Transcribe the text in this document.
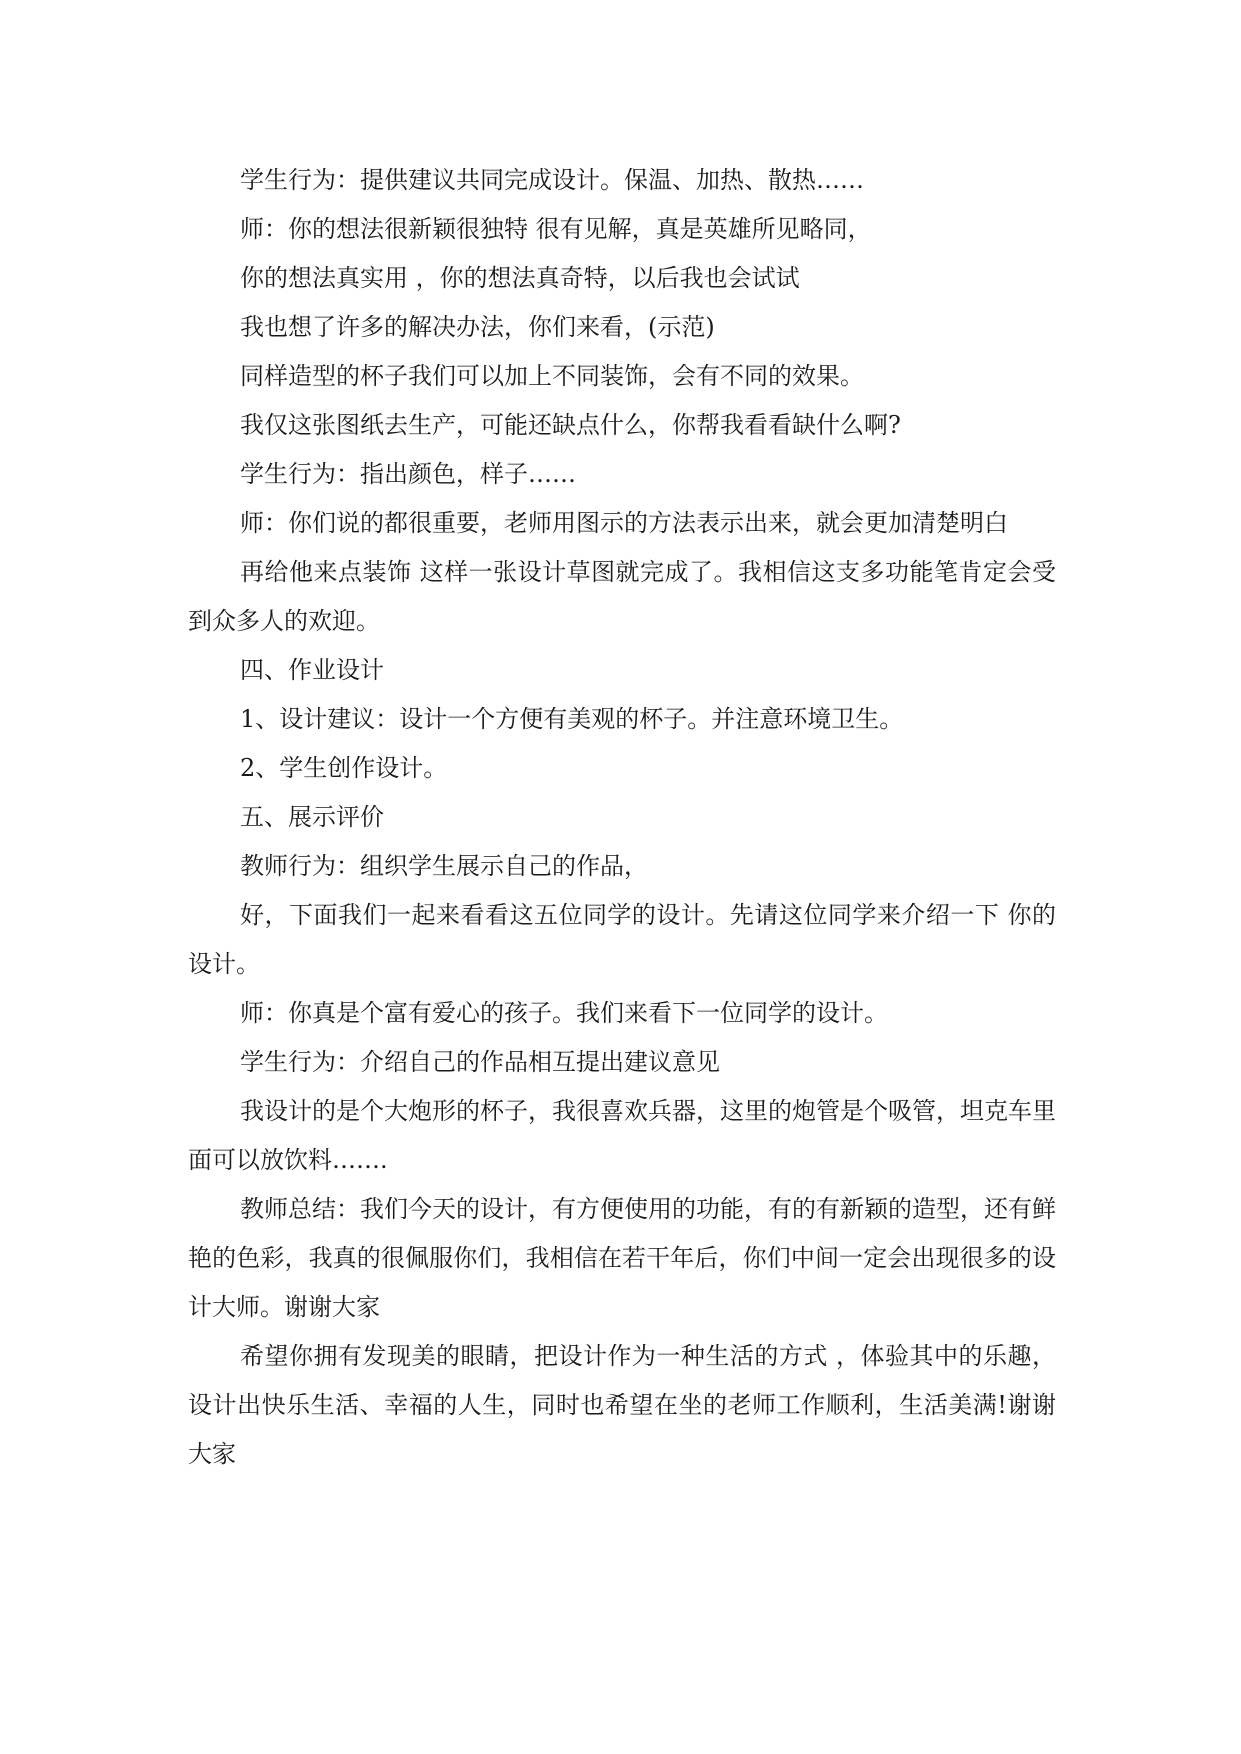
学生行为：提供建议共同完成设计。保温、加热、散热……

师：你的想法很新颖很独特 很有见解，真是英雄所见略同，

你的想法真实用 ，你的想法真奇特，以后我也会试试

我也想了许多的解决办法，你们来看，(示范)

同样造型的杯子我们可以加上不同装饰，会有不同的效果。

我仅这张图纸去生产，可能还缺点什么，你帮我看看缺什么啊?

学生行为：指出颜色，样子……

师：你们说的都很重要，老师用图示的方法表示出来，就会更加清楚明白

再给他来点装饰 这样一张设计草图就完成了。我相信这支多功能笔肯定会受到众多人的欢迎。

四、作业设计

1、设计建议：设计一个方便有美观的杯子。并注意环境卫生。

2、学生创作设计。

五、展示评价

教师行为：组织学生展示自己的作品，

好，下面我们一起来看看这五位同学的设计。先请这位同学来介绍一下 你的设计。

师：你真是个富有爱心的孩子。我们来看下一位同学的设计。

学生行为：介绍自己的作品相互提出建议意见

我设计的是个大炮形的杯子，我很喜欢兵器，这里的炮管是个吸管，坦克车里面可以放饮料…….

教师总结：我们今天的设计，有方便使用的功能，有的有新颖的造型，还有鲜艳的色彩，我真的很佩服你们，我相信在若干年后，你们中间一定会出现很多的设计大师。谢谢大家

希望你拥有发现美的眼睛，把设计作为一种生活的方式 ，体验其中的乐趣，设计出快乐生活、幸福的人生，同时也希望在坐的老师工作顺利，生活美满!谢谢大家
